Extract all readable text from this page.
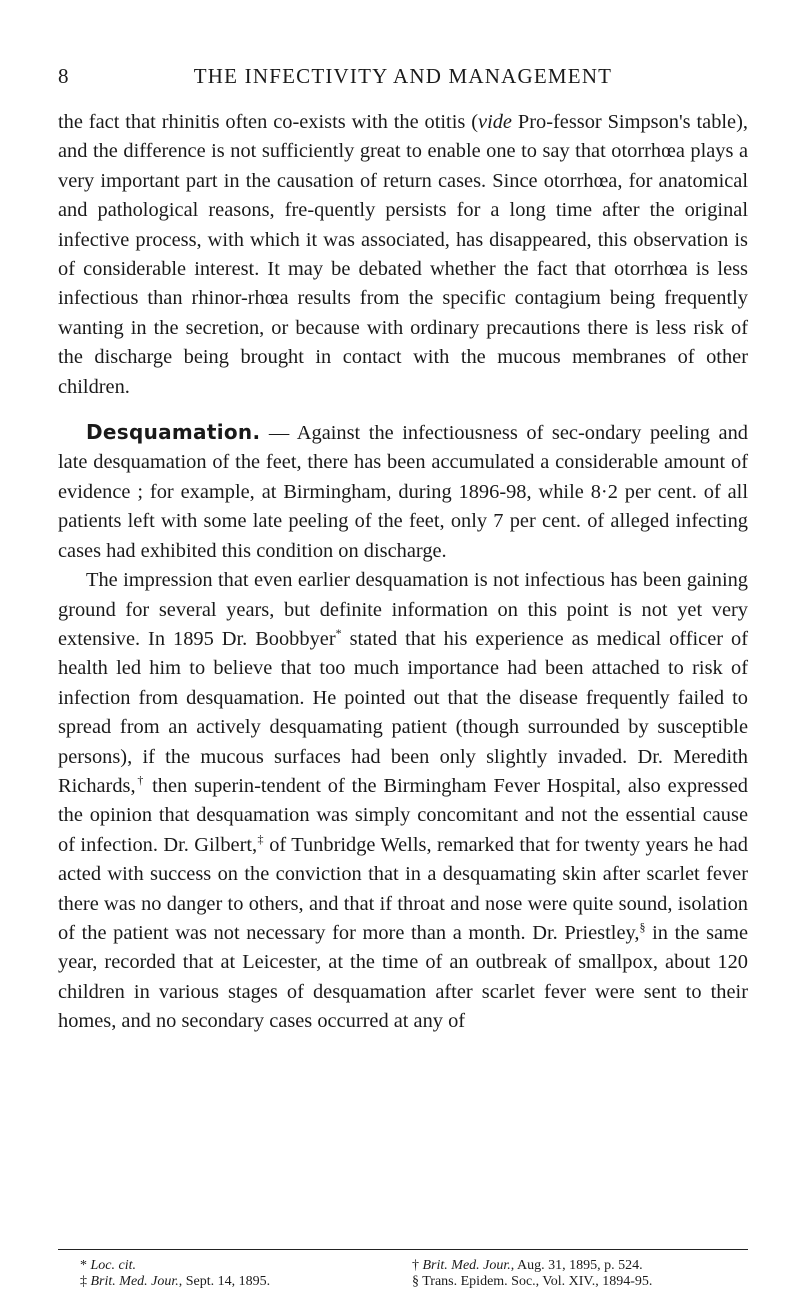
8	THE INFECTIVITY AND MANAGEMENT

the fact that rhinitis often co-exists with the otitis (vide Pro-fessor Simpson's table), and the difference is not sufficiently great to enable one to say that otorrhœa plays a very important part in the causation of return cases. Since otorrhœa, for anatomical and pathological reasons, fre-quently persists for a long time after the original infective process, with which it was associated, has disappeared, this observation is of considerable interest. It may be debated whether the fact that otorrhœa is less infectious than rhinor-rhœa results from the specific contagium being frequently wanting in the secretion, or because with ordinary precautions there is less risk of the discharge being brought in contact with the mucous membranes of other children.

Desquamation. — Against the infectiousness of sec-ondary peeling and late desquamation of the feet, there has been accumulated a considerable amount of evidence ; for example, at Birmingham, during 1896-98, while 8·2 per cent. of all patients left with some late peeling of the feet, only 7 per cent. of alleged infecting cases had exhibited this condition on discharge.

The impression that even earlier desquamation is not infectious has been gaining ground for several years, but definite information on this point is not yet very extensive. In 1895 Dr. Boobbyer* stated that his experience as medical officer of health led him to believe that too much importance had been attached to risk of infection from desquamation. He pointed out that the disease frequently failed to spread from an actively desquamating patient (though surrounded by susceptible persons), if the mucous surfaces had been only slightly invaded. Dr. Meredith Richards,† then superin-tendent of the Birmingham Fever Hospital, also expressed the opinion that desquamation was simply concomitant and not the essential cause of infection. Dr. Gilbert,‡ of Tunbridge Wells, remarked that for twenty years he had acted with success on the conviction that in a desquamating skin after scarlet fever there was no danger to others, and that if throat and nose were quite sound, isolation of the patient was not necessary for more than a month. Dr. Priestley,§ in the same year, recorded that at Leicester, at the time of an outbreak of smallpox, about 120 children in various stages of desquamation after scarlet fever were sent to their homes, and no secondary cases occurred at any of

* Loc. cit.	† Brit. Med. Jour., Aug. 31, 1895, p. 524.
‡ Brit. Med. Jour., Sept. 14, 1895.	§ Trans. Epidem. Soc., Vol. XIV., 1894-95.
